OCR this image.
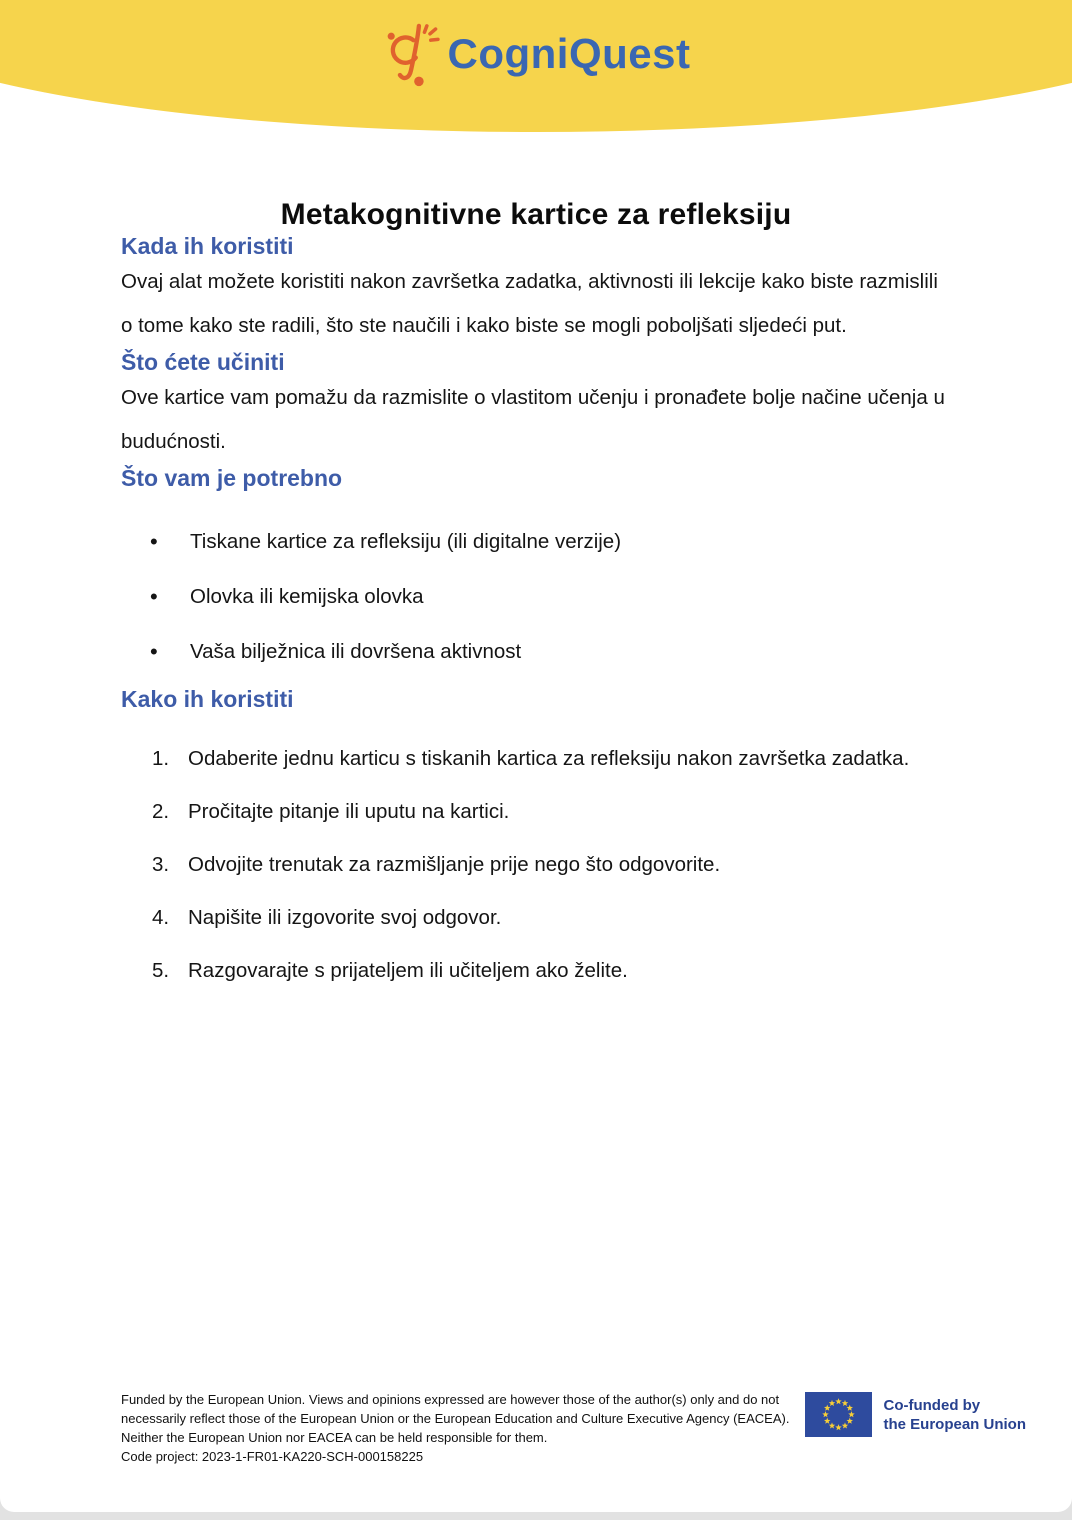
CogniQuest
Metakognitivne kartice za refleksiju
Kada ih koristiti

Ovaj alat možete koristiti nakon završetka zadatka, aktivnosti ili lekcije kako biste razmislili o tome kako ste radili, što ste naučili i kako biste se mogli poboljšati sljedeći put.

Što ćete učiniti

Ove kartice vam pomažu da razmislite o vlastitom učenju i pronađete bolje načine učenja u budućnosti.

Što vam je potrebno
•	Tiskane kartice za refleksiju (ili digitalne verzije)
•	Olovka ili kemijska olovka
•	Vaša bilježnica ili dovršena aktivnost
Kako ih koristiti
1. Odaberite jednu karticu s tiskanih kartica za refleksiju nakon završetka zadatka.
2. Pročitajte pitanje ili uputu na kartici.
3. Odvojite trenutak za razmišljanje prije nego što odgovorite.
4. Napišite ili izgovorite svoj odgovor.
5. Razgovarajte s prijateljem ili učiteljem ako želite.
Funded by the European Union. Views and opinions expressed are however those of the author(s) only and do not
necessarily reflect those of the European Union or the European Education and Culture Executive Agency (EACEA).
Neither the European Union nor EACEA can be held responsible for them.
Code project: 2023-1-FR01-KA220-SCH-000158225
Co-funded by
the European Union
